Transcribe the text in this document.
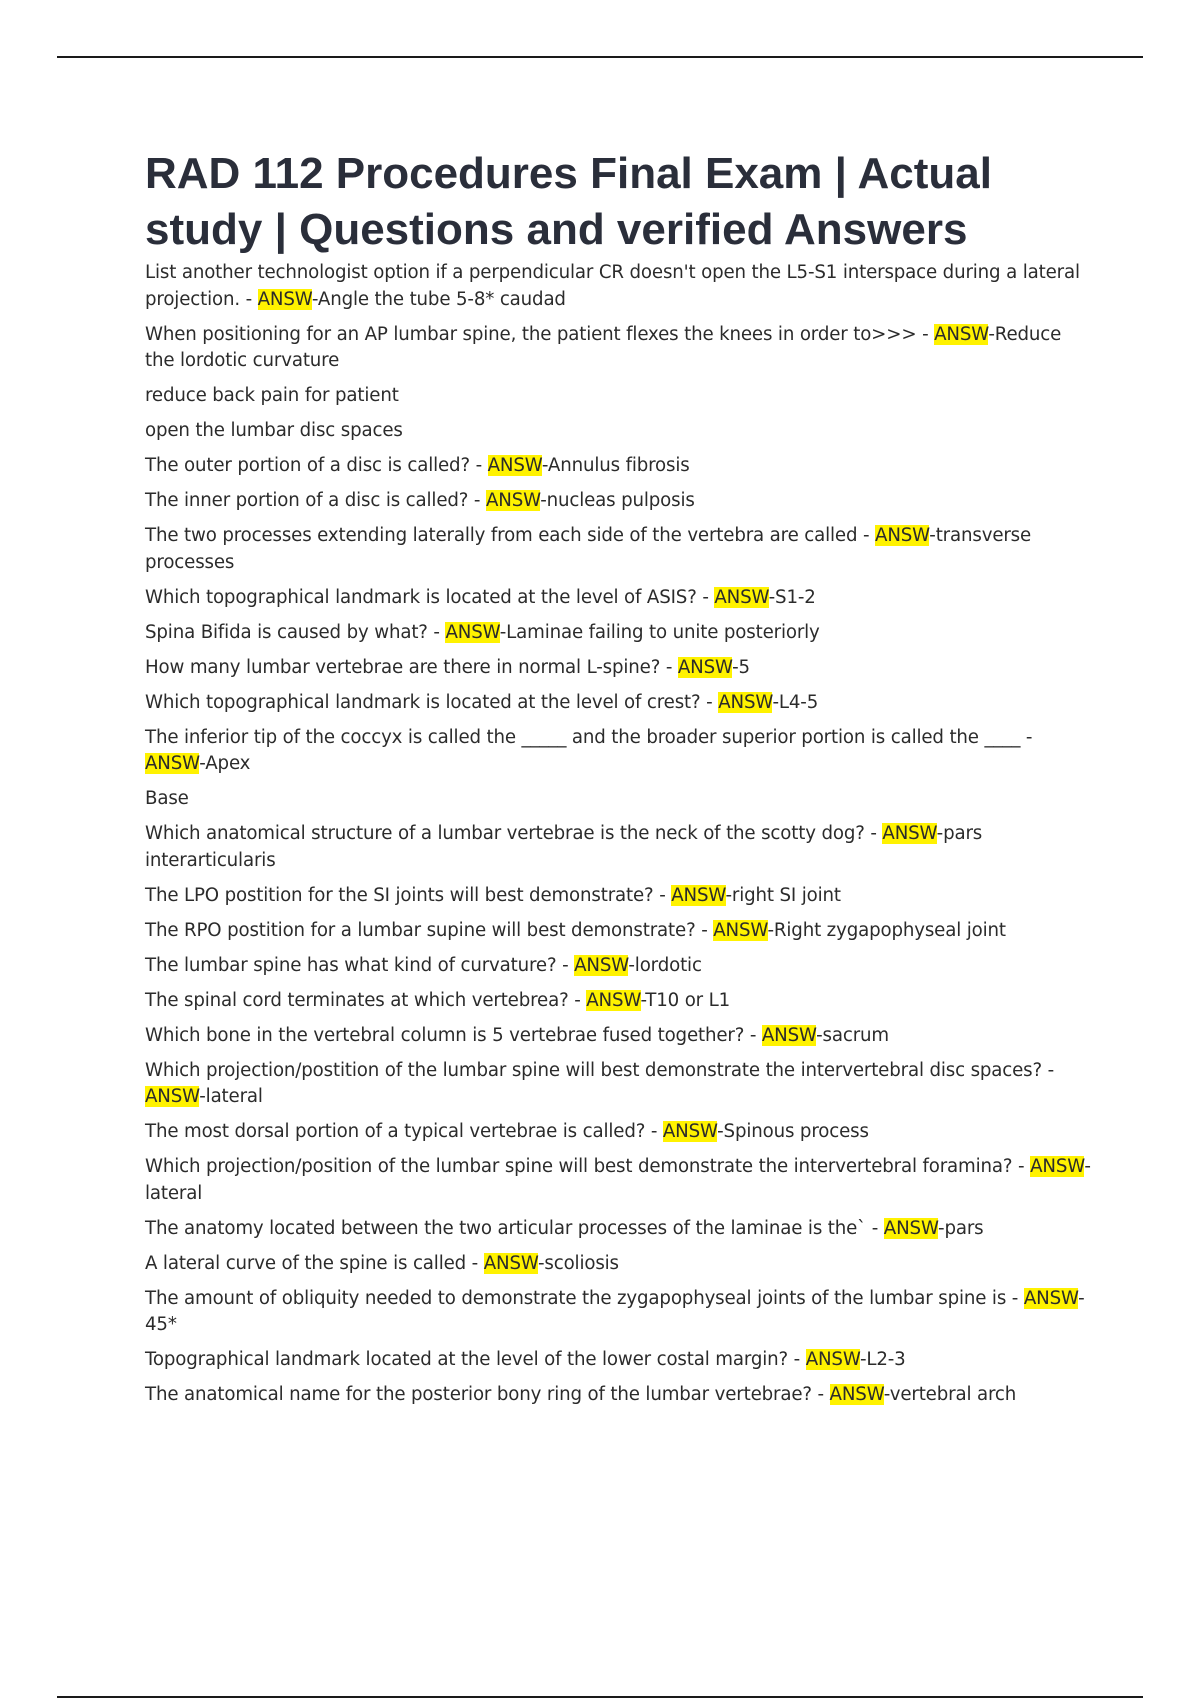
RAD 112 Procedures Final Exam | Actual study | Questions and verified Answers

List another technologist option if a perpendicular CR doesn't open the L5-S1 interspace during a lateral projection. - ANSW-Angle the tube 5-8* caudad

When positioning for an AP lumbar spine, the patient flexes the knees in order to>>> - ANSW-Reduce the lordotic curvature

reduce back pain for patient

open the lumbar disc spaces

The outer portion of a disc is called? - ANSW-Annulus fibrosis

The inner portion of a disc is called? - ANSW-nucleas pulposis

The two processes extending laterally from each side of the vertebra are called - ANSW-transverse processes

Which topographical landmark is located at the level of ASIS? - ANSW-S1-2

Spina Bifida is caused by what? - ANSW-Laminae failing to unite posteriorly

How many lumbar vertebrae are there in normal L-spine? - ANSW-5

Which topographical landmark is located at the level of crest? - ANSW-L4-5

The inferior tip of the coccyx is called the _____ and the broader superior portion is called the ____ - ANSW-Apex

Base

Which anatomical structure of a lumbar vertebrae is the neck of the scotty dog? - ANSW-pars interarticularis

The LPO postition for the SI joints will best demonstrate? - ANSW-right SI joint

The RPO postition for a lumbar supine will best demonstrate? - ANSW-Right zygapophyseal joint

The lumbar spine has what kind of curvature? - ANSW-lordotic

The spinal cord terminates at which vertebrea? - ANSW-T10 or L1

Which bone in the vertebral column is 5 vertebrae fused together? - ANSW-sacrum

Which projection/postition of the lumbar spine will best demonstrate the intervertebral disc spaces? - ANSW-lateral

The most dorsal portion of a typical vertebrae is called? - ANSW-Spinous process

Which projection/position of the lumbar spine will best demonstrate the intervertebral foramina? - ANSW-lateral

The anatomy located between the two articular processes of the laminae is the` - ANSW-pars

A lateral curve of the spine is called - ANSW-scoliosis

The amount of obliquity needed to demonstrate the zygapophyseal joints of the lumbar spine is - ANSW-45*

Topographical landmark located at the level of the lower costal margin? - ANSW-L2-3

The anatomical name for the posterior bony ring of the lumbar vertebrae? - ANSW-vertebral arch
